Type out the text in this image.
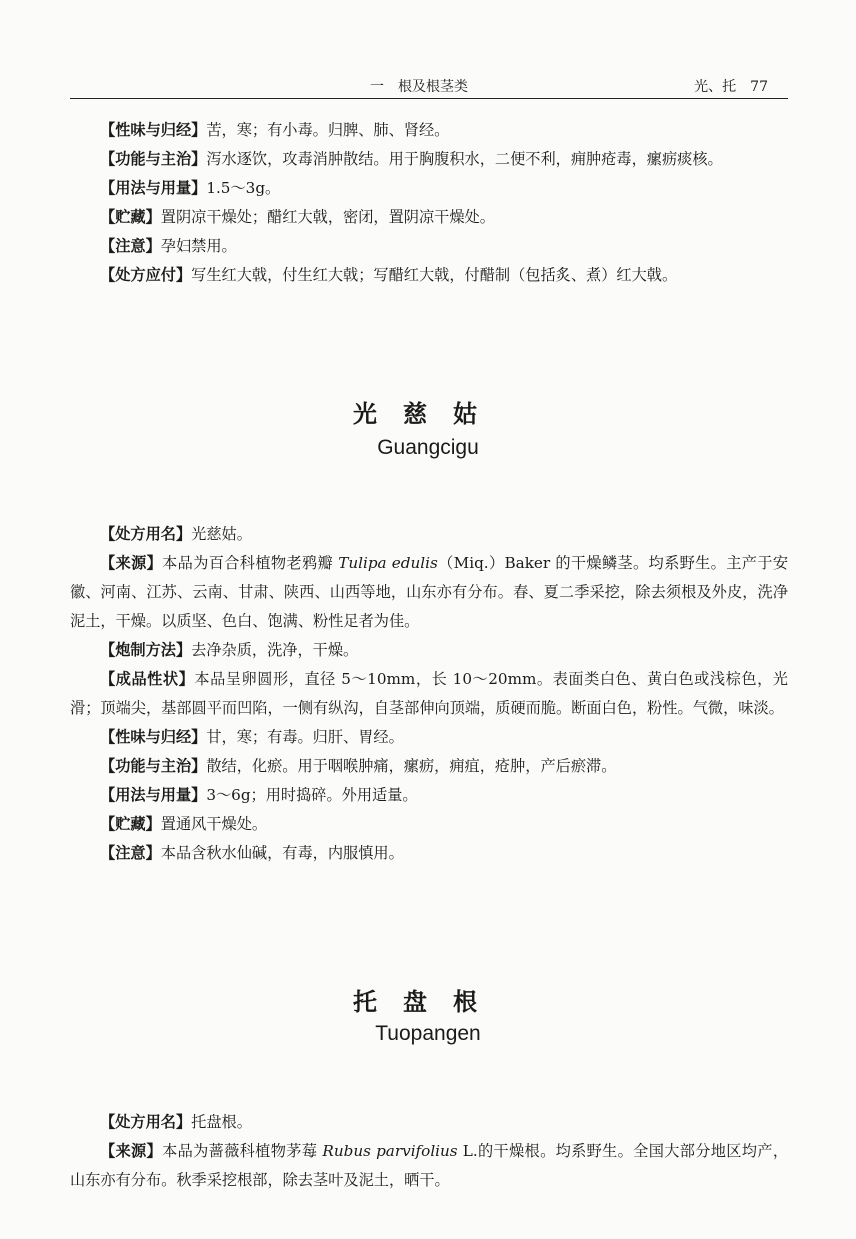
一　根及根茎类	光、托　77

【性味与归经】苦，寒；有小毒。归脾、肺、肾经。

【功能与主治】泻水逐饮，攻毒消肿散结。用于胸腹积水，二便不利，痈肿疮毒，瘰疬痰核。

【用法与用量】1.5～3g。

【贮藏】置阴凉干燥处；醋红大戟，密闭，置阴凉干燥处。

【注意】孕妇禁用。

【处方应付】写生红大戟，付生红大戟；写醋红大戟，付醋制（包括炙、煮）红大戟。

光慈姑
Guangcigu

【处方用名】光慈姑。

【来源】本品为百合科植物老鸦瓣 Tulipa edulis（Miq.）Baker 的干燥鳞茎。均系野生。主产于安徽、河南、江苏、云南、甘肃、陕西、山西等地，山东亦有分布。春、夏二季采挖，除去须根及外皮，洗净泥土，干燥。以质坚、色白、饱满、粉性足者为佳。

【炮制方法】去净杂质，洗净，干燥。

【成品性状】本品呈卵圆形，直径 5～10mm，长 10～20mm。表面类白色、黄白色或浅棕色，光滑；顶端尖，基部圆平而凹陷，一侧有纵沟，自茎部伸向顶端，质硬而脆。断面白色，粉性。气微，味淡。

【性味与归经】甘，寒；有毒。归肝、胃经。

【功能与主治】散结，化瘀。用于咽喉肿痛，瘰疬，痈疽，疮肿，产后瘀滞。

【用法与用量】3～6g；用时捣碎。外用适量。

【贮藏】置通风干燥处。

【注意】本品含秋水仙碱，有毒，内服慎用。

托盘根
Tuopangen

【处方用名】托盘根。

【来源】本品为蔷薇科植物茅莓 Rubus parvifolius L.的干燥根。均系野生。全国大部分地区均产，山东亦有分布。秋季采挖根部，除去茎叶及泥土，晒干。
